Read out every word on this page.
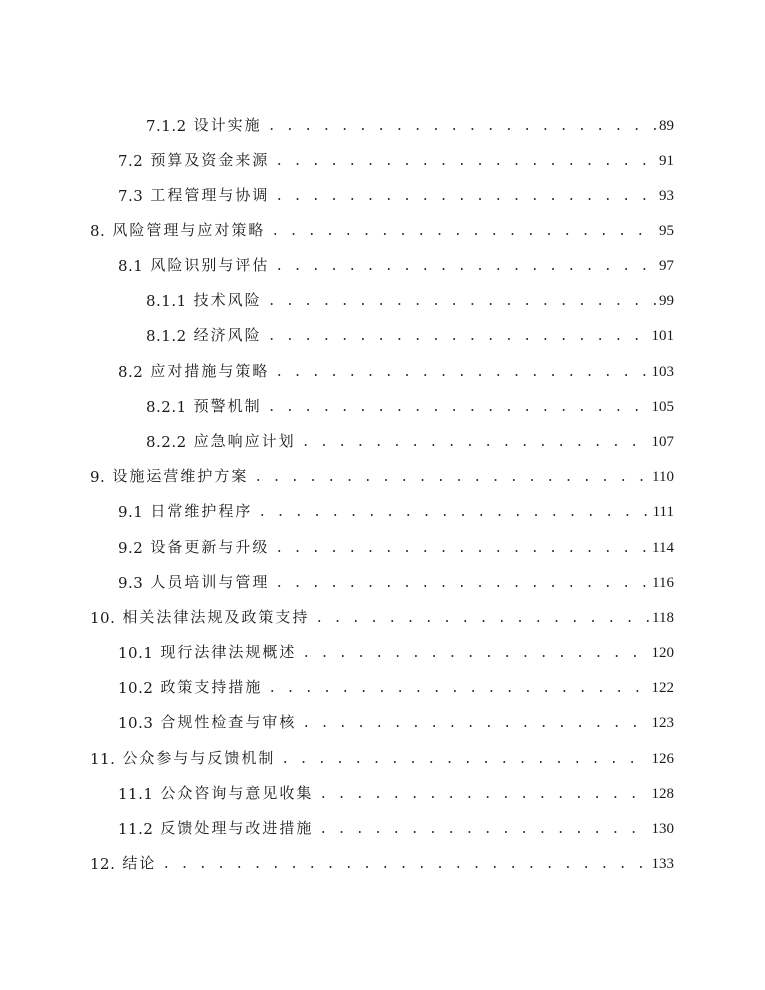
7.1.2 设计实施 . . .	89
7.2 预算及资金来源 . . .	91
7.3 工程管理与协调 . . .	93
8. 风险管理与应对策略 . . .	95
8.1 风险识别与评估 . . .	97
8.1.1 技术风险 . . .	99
8.1.2 经济风险 . . .	101
8.2 应对措施与策略 . . .	103
8.2.1 预警机制 . . .	105
8.2.2 应急响应计划 . . .	107
9. 设施运营维护方案 . . .	110
9.1 日常维护程序 . . .	111
9.2 设备更新与升级 . . .	114
9.3 人员培训与管理 . . .	116
10. 相关法律法规及政策支持 . . .	118
10.1 现行法律法规概述 . . .	120
10.2 政策支持措施 . . .	122
10.3 合规性检查与审核 . . .	123
11. 公众参与与反馈机制 . . .	126
11.1 公众咨询与意见收集 . . .	128
11.2 反馈处理与改进措施 . . .	130
12. 结论 . . .	133
